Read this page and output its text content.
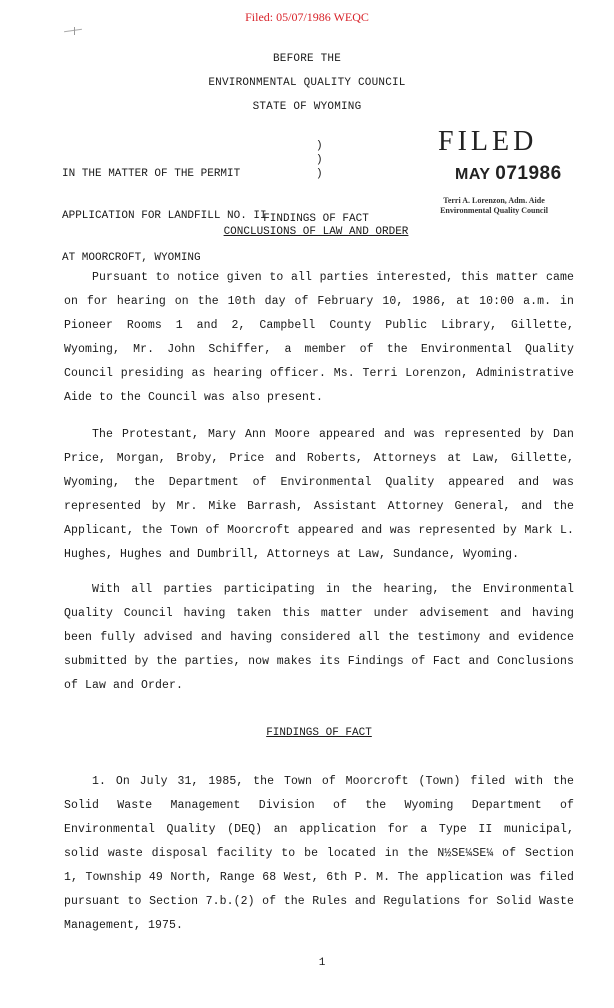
Filed: 05/07/1986 WEQC
BEFORE THE
ENVIRONMENTAL QUALITY COUNCIL
STATE OF WYOMING

IN THE MATTER OF THE PERMIT

APPLICATION FOR LANDFILL NO. II

AT MOORCROFT, WYOMING

)
)
)
FILED
MAY 071986
Terri A. Lorenzon, Adm. Aide
Environmental Quality Council
FINDINGS OF FACT
CONCLUSIONS OF LAW AND ORDER
Pursuant to notice given to all parties interested, this matter came on for hearing on the 10th day of February 10, 1986, at 10:00 a.m. in Pioneer Rooms 1 and 2, Campbell County Public Library, Gillette, Wyoming, Mr. John Schiffer, a member of the Environmental Quality Council presiding as hearing officer. Ms. Terri Lorenzon, Administrative Aide to the Council was also present.
The Protestant, Mary Ann Moore appeared and was represented by Dan Price, Morgan, Broby, Price and Roberts, Attorneys at Law, Gillette, Wyoming, the Department of Environmental Quality appeared and was represented by Mr. Mike Barrash, Assistant Attorney General, and the Applicant, the Town of Moorcroft appeared and was represented by Mark L. Hughes, Hughes and Dumbrill, Attorneys at Law, Sundance, Wyoming.
With all parties participating in the hearing, the Environmental Quality Council having taken this matter under advisement and having been fully advised and having considered all the testimony and evidence submitted by the parties, now makes its Findings of Fact and Conclusions of Law and Order.
FINDINGS OF FACT
1. On July 31, 1985, the Town of Moorcroft (Town) filed with the Solid Waste Management Division of the Wyoming Department of Environmental Quality (DEQ) an application for a Type II municipal, solid waste disposal facility to be located in the N½SE¼SE¼ of Section 1, Township 49 North, Range 68 West, 6th P. M. The application was filed pursuant to Section 7.b.(2) of the Rules and Regulations for Solid Waste Management, 1975.
1
